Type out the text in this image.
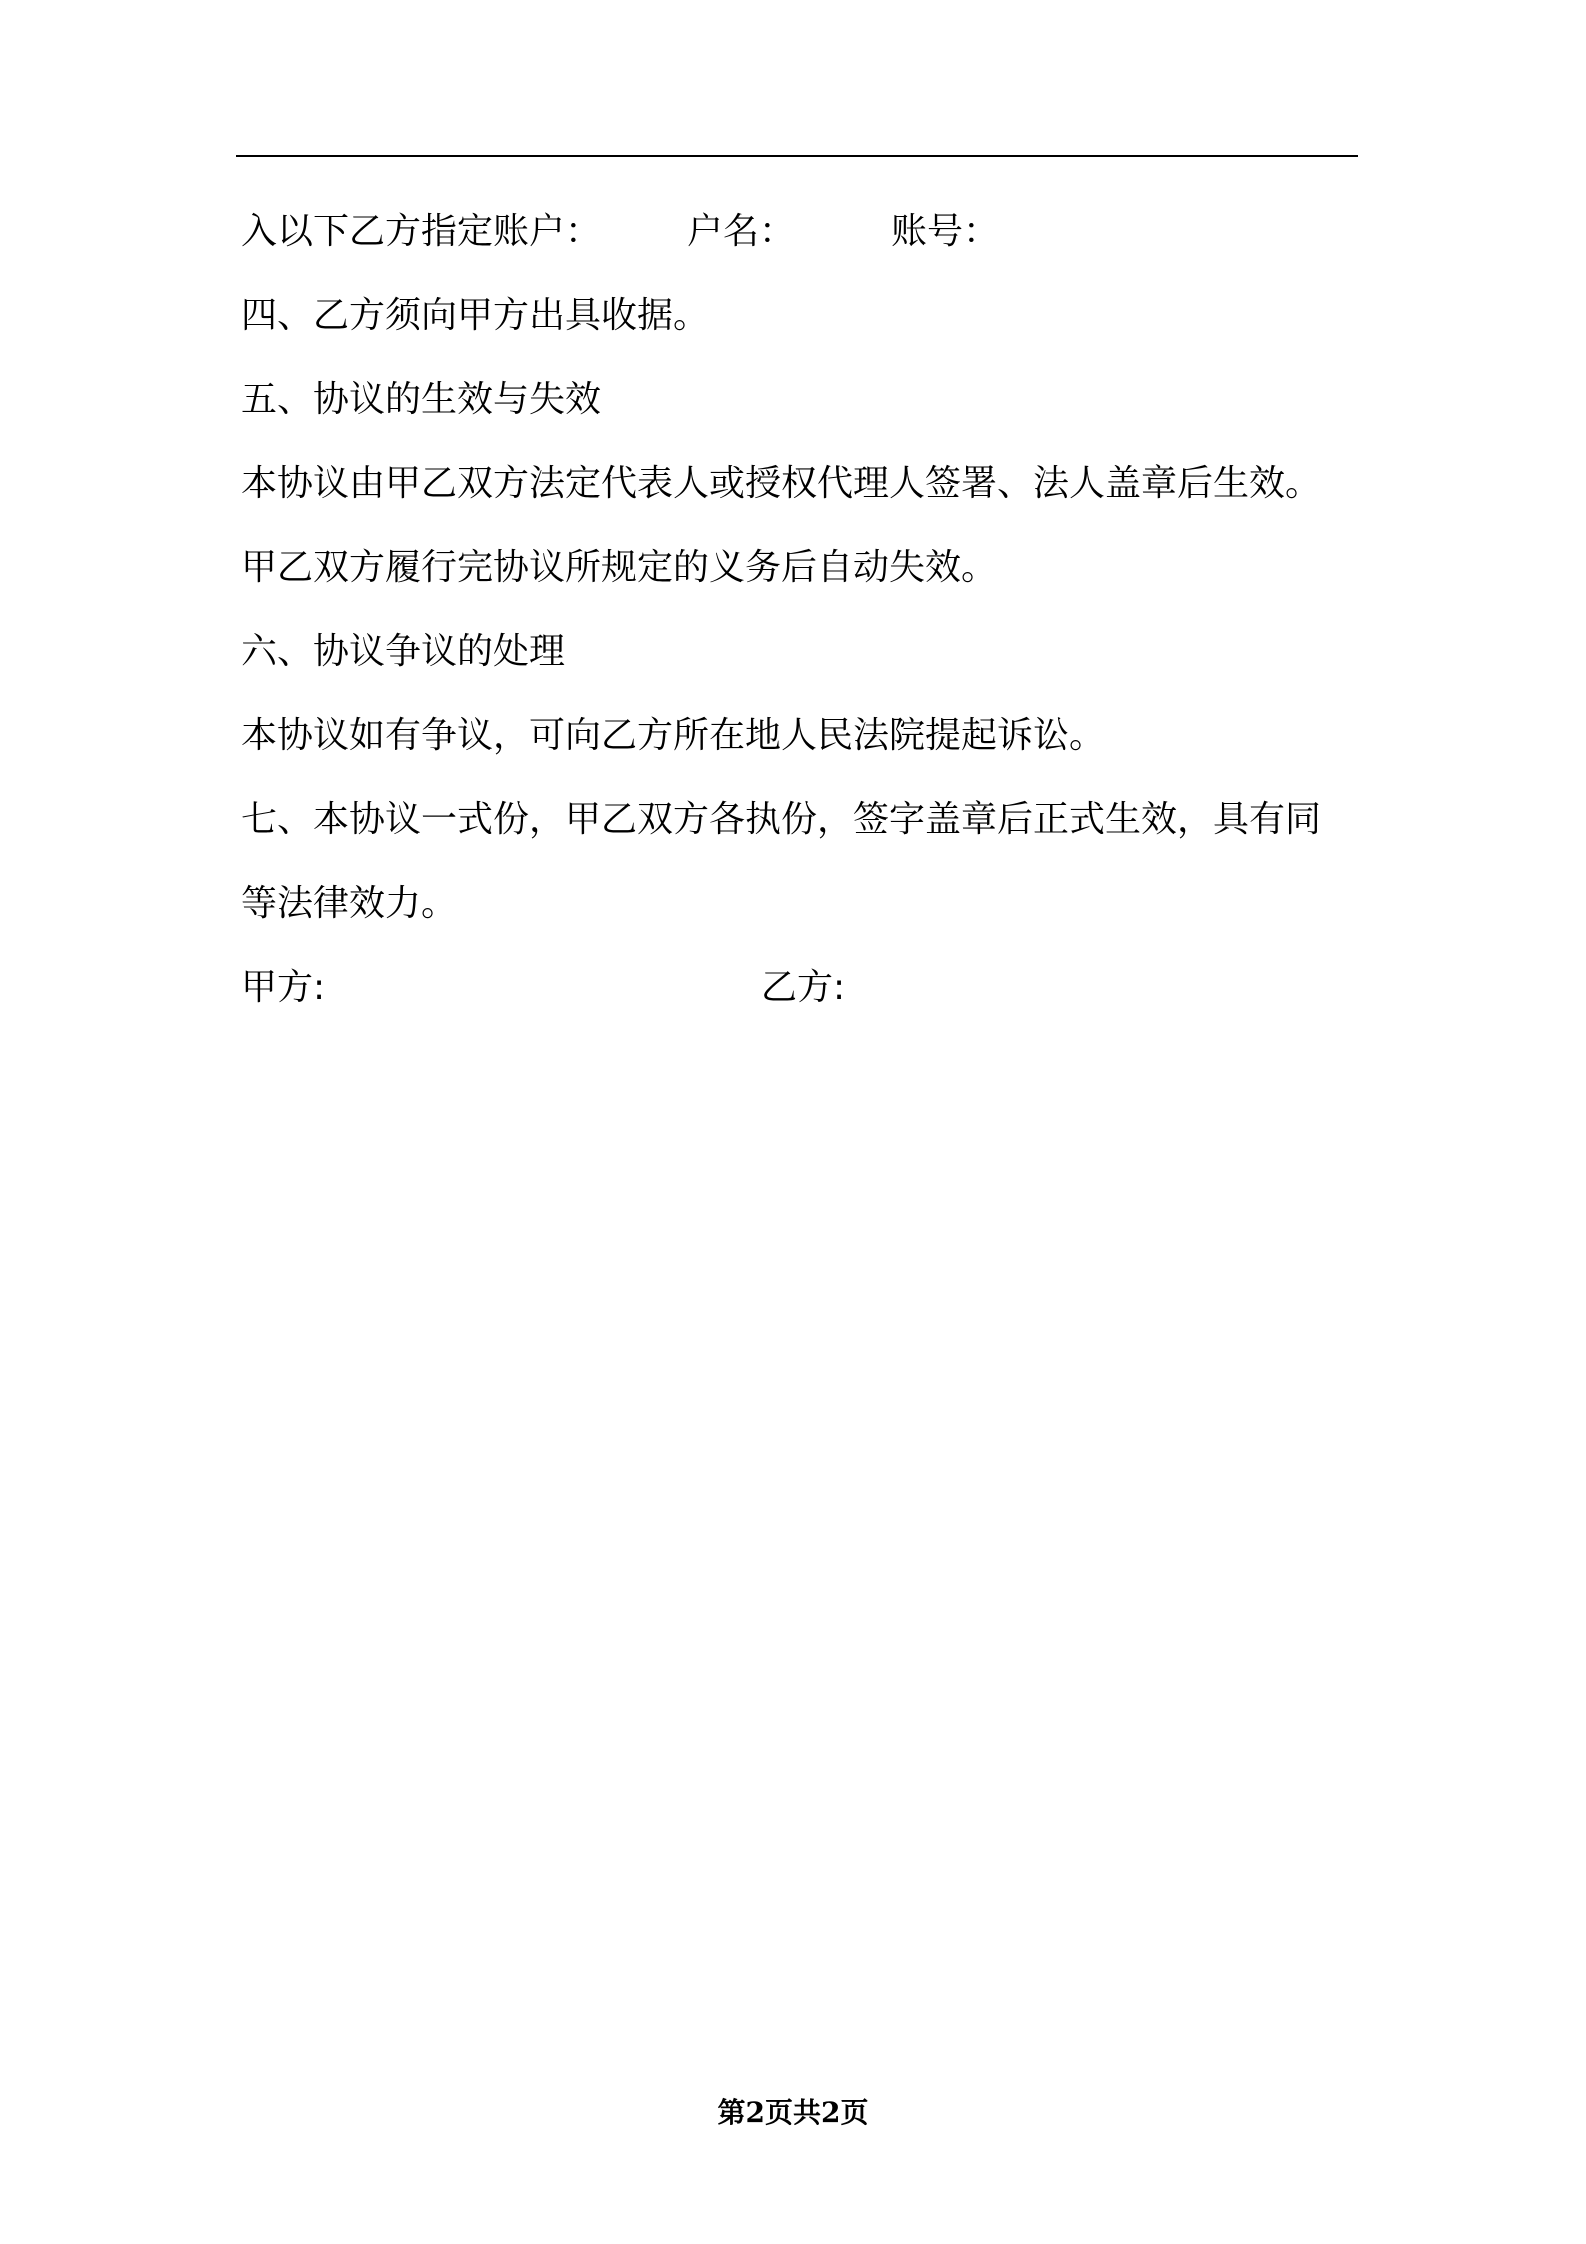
入以下乙方指定账户： 户名：	账号：
四、乙方须向甲方出具收据。
五、协议的生效与失效
本协议由甲乙双方法定代表人或授权代理人签署、法人盖章后生效。
甲乙双方履行完协议所规定的义务后自动失效。
六、协议争议的处理
本协议如有争议，可向乙方所在地人民法院提起诉讼。
七、本协议一式份，甲乙双方各执份，签字盖章后正式生效，具有同
等法律效力。
甲方:	乙方:
第2页共2页
